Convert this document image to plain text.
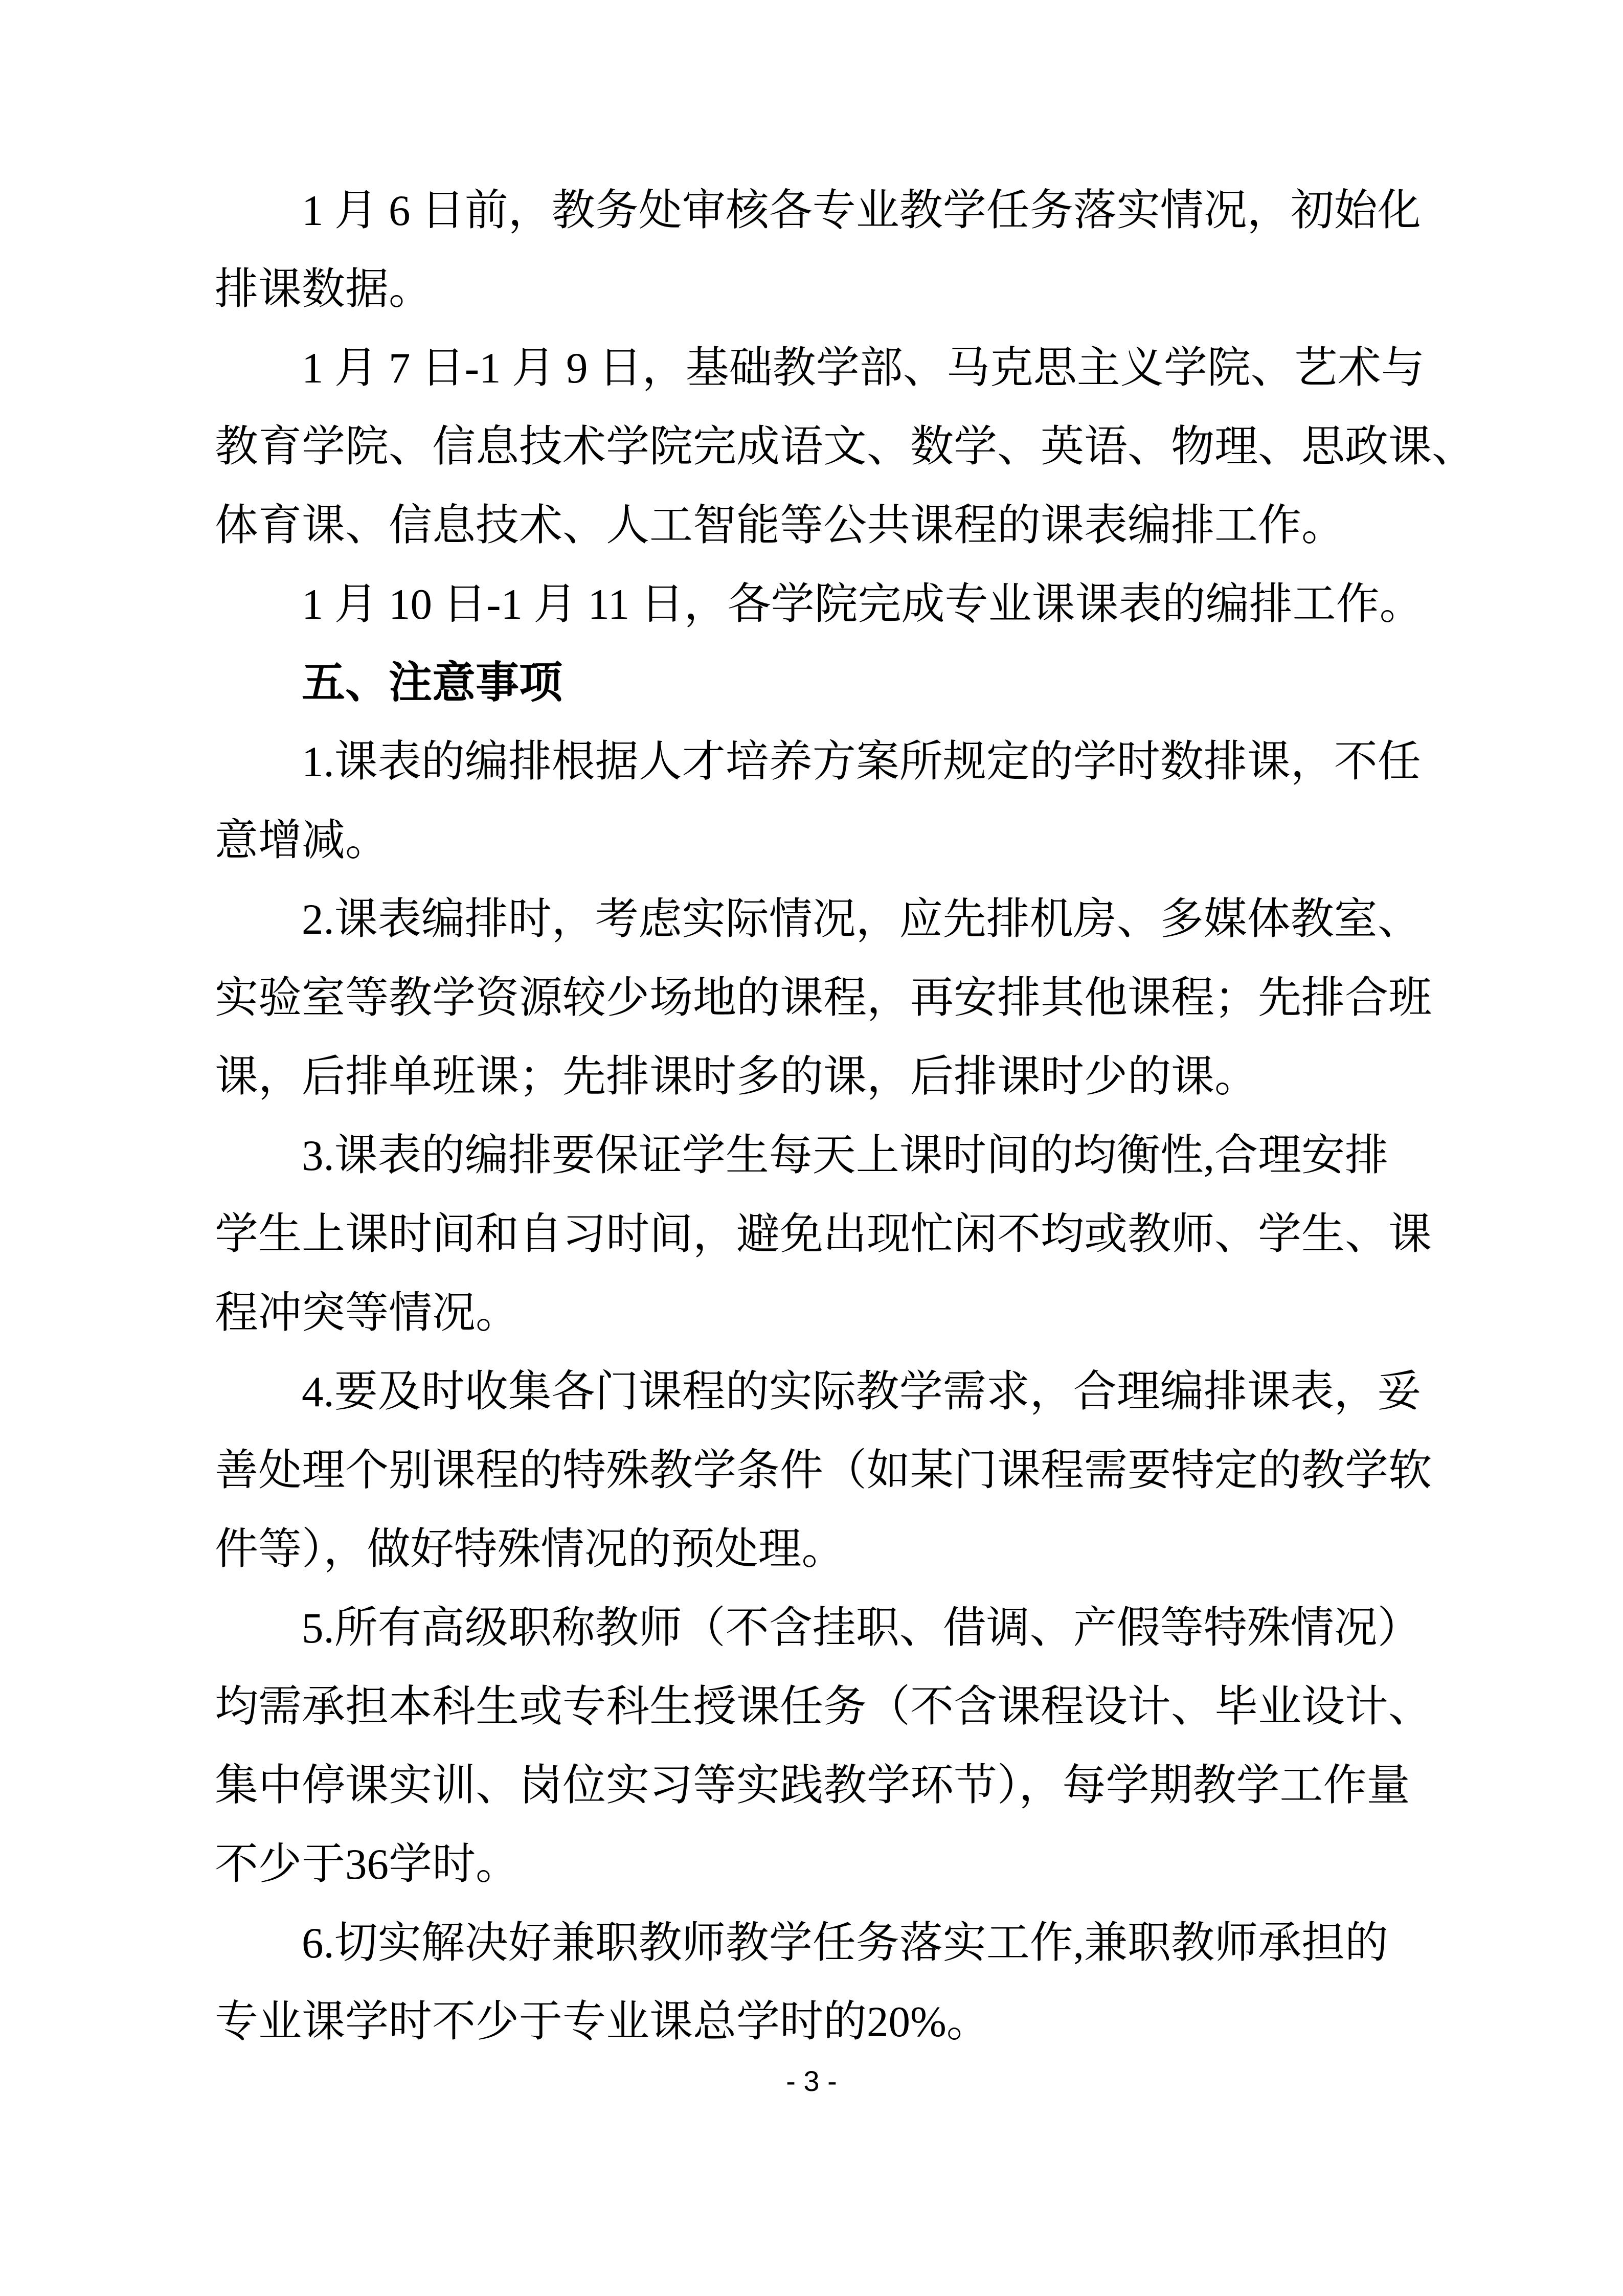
1 月 6 日前，教务处审核各专业教学任务落实情况，初始化
排课数据。
1 月 7 日-1 月 9 日，基础教学部、马克思主义学院、艺术与
教育学院、信息技术学院完成语文、数学、英语、物理、思政课、
体育课、信息技术、人工智能等公共课程的课表编排工作。
1 月 10 日-1 月 11 日，各学院完成专业课课表的编排工作。
五、注意事项
1.课表的编排根据人才培养方案所规定的学时数排课，不任
意增减。
2.课表编排时，考虑实际情况，应先排机房、多媒体教室、
实验室等教学资源较少场地的课程，再安排其他课程；先排合班
课，后排单班课；先排课时多的课，后排课时少的课。
3.课表的编排要保证学生每天上课时间的均衡性,合理安排
学生上课时间和自习时间，避免出现忙闲不均或教师、学生、课
程冲突等情况。
4.要及时收集各门课程的实际教学需求，合理编排课表，妥
善处理个别课程的特殊教学条件（如某门课程需要特定的教学软
件等），做好特殊情况的预处理。
5.所有高级职称教师（不含挂职、借调、产假等特殊情况）
均需承担本科生或专科生授课任务（不含课程设计、毕业设计、
集中停课实训、岗位实习等实践教学环节），每学期教学工作量
不少于36学时。
6.切实解决好兼职教师教学任务落实工作,兼职教师承担的
专业课学时不少于专业课总学时的20%。
- 3 -
